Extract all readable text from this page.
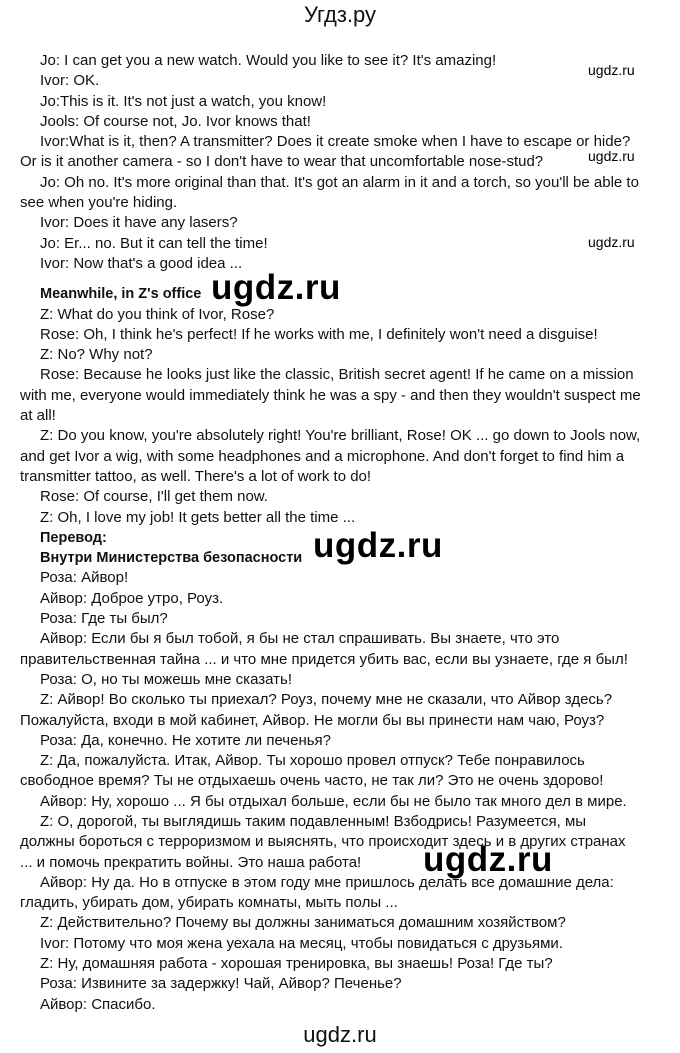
Угдз.ру

Jo: I can get you a new watch. Would you like to see it? It's amazing!

Ivor: OK.

Jo:This is it. It's not just a watch, you know!

Jools: Of course not, Jo. Ivor knows that!

Ivor:What is it, then? A transmitter? Does it create smoke when I have to escape or hide? Or is it another camera - so I don't have to wear that uncomfortable nose-stud?

Jo: Oh no. It's more original than that. It's got an alarm in it and a torch, so you'll be able to see when you're hiding.

Ivor: Does it have any lasers?

Jo: Er... no. But it can tell the time!

Ivor: Now that's a good idea ...

Meanwhile, in Z's office

Z: What do you think of Ivor, Rose?

Rose: Oh, I think he's perfect! If he works with me, I definitely won't need a disguise!

Z: No? Why not?

Rose: Because he looks just like the classic, British secret agent! If he came on a mission with me, everyone would immediately think he was a spy - and then they wouldn't suspect me at all!

Z: Do you know, you're absolutely right! You're brilliant, Rose! OK ... go down to Jools now, and get Ivor a wig, with some headphones and a microphone. And don't forget to find him a transmitter tattoo, as well. There's a lot of work to do!

Rose: Of course, I'll get them now.

Z: Oh, I love my job! It gets better all the time ...

Перевод:

Внутри Министерства безопасности

Роза: Айвор!

Айвор: Доброе утро, Роуз.

Роза: Где ты был?

Айвор: Если бы я был тобой, я бы не стал спрашивать. Вы знаете, что это правительственная тайна ... и что мне придется убить вас, если вы узнаете, где я был!

Роза: О, но ты можешь мне сказать!

Z: Айвор! Во сколько ты приехал? Роуз, почему мне не сказали, что Айвор здесь? Пожалуйста, входи в мой кабинет, Айвор. Не могли бы вы принести нам чаю, Роуз?

Роза: Да, конечно. Не хотите ли печенья?

Z: Да, пожалуйста. Итак, Айвор. Ты хорошо провел отпуск? Тебе понравилось свободное время? Ты не отдыхаешь очень часто, не так ли? Это не очень здорово!

Айвор: Ну, хорошо ... Я бы отдыхал больше, если бы не было так много дел в мире.

Z: О, дорогой, ты выглядишь таким подавленным! Взбодрись! Разумеется, мы должны бороться с терроризмом и выяснять, что происходит здесь и в других странах ... и помочь прекратить войны. Это наша работа!

Айвор: Ну да. Но в отпуске в этом году мне пришлось делать все домашние дела: гладить, убирать дом, убирать комнаты, мыть полы ...

Z: Действительно? Почему вы должны заниматься домашним хозяйством?

Ivor: Потому что моя жена уехала на месяц, чтобы повидаться с друзьями.

Z: Ну, домашняя работа - хорошая тренировка, вы знаешь! Роза! Где ты?

Роза: Извините за задержку! Чай, Айвор? Печенье?

Айвор: Спасибо.

ugdz.ru
ugdz.ru
ugdz.ru
ugdz.ru
ugdz.ru
ugdz.ru
ugdz.ru
